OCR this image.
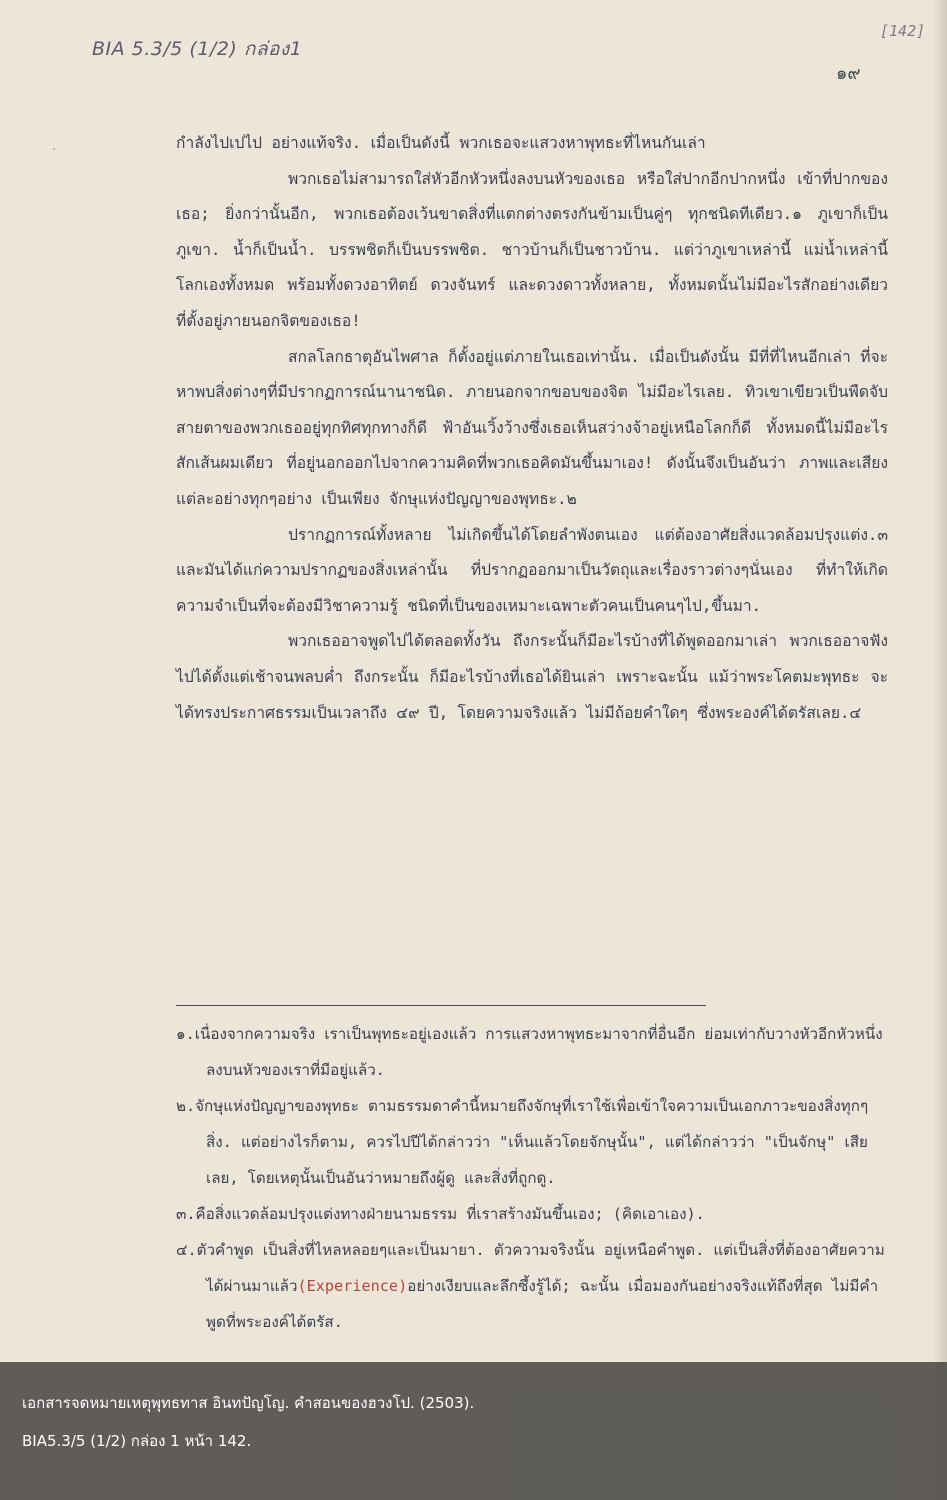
BIA 5.3/5 (1/2) กล่อง1
[142]
๑๙
·	กำลังไปเปไป อย่างแท้จริง. เมื่อเป็นดังนี้ พวกเธอจะแสวงหาพุทธะที่ไหนกันเล่า

พวกเธอไม่สามารถใส่หัวอีกหัวหนึ่งลงบนหัวของเธอ หรือใส่ปากอีกปากหนึ่ง เข้าที่ปากของเธอ; ยิ่งกว่านั้นอีก, พวกเธอต้องเว้นขาดสิ่งที่แตกต่างตรงกันข้ามเป็นคู่ๆ ทุกชนิดทีเดียว.๑ ภูเขาก็เป็นภูเขา. น้ำก็เป็นน้ำ. บรรพชิตก็เป็นบรรพชิต. ชาวบ้านก็เป็นชาวบ้าน. แต่ว่าภูเขาเหล่านี้ แม่น้ำเหล่านี้ โลกเองทั้งหมด พร้อมทั้งดวงอาทิตย์ ดวงจันทร์ และดวงดาวทั้งหลาย, ทั้งหมดนั้นไม่มีอะไรสักอย่างเดียว ที่ตั้งอยู่ภายนอกจิตของเธอ!

สกลโลกธาตุอันไพศาล ก็ตั้งอยู่แต่ภายในเธอเท่านั้น. เมื่อเป็นดังนั้น มีที่ที่ไหนอีกเล่า ที่จะหาพบสิ่งต่างๆที่มีปรากฏการณ์นานาชนิด. ภายนอกจากขอบของจิต ไม่มีอะไรเลย. ทิวเขาเขียวเป็นพืดจับสายตาของพวกเธออยู่ทุกทิศทุกทางก็ดี ฟ้าอันเวิ้งว้างซึ่งเธอเห็นสว่างจ้าอยู่เหนือโลกก็ดี ทั้งหมดนี้ไม่มีอะไรสักเส้นผมเดียว ที่อยู่นอกออกไปจากความคิดที่พวกเธอคิดมันขึ้นมาเอง! ดังนั้นจึงเป็นอันว่า ภาพและเสียงแต่ละอย่างทุกๆอย่าง เป็นเพียง จักษุแห่งปัญญาของพุทธะ.๒

ปรากฏการณ์ทั้งหลาย ไม่เกิดขึ้นได้โดยลำพังตนเอง แต่ต้องอาศัยสิ่งแวดล้อมปรุงแต่ง.๓ และมันได้แก่ความปรากฏของสิ่งเหล่านั้น ที่ปรากฏออกมาเป็นวัตถุและเรื่องราวต่างๆนั่นเอง ที่ทำให้เกิดความจำเป็นที่จะต้องมีวิชาความรู้ ชนิดที่เป็นของเหมาะเฉพาะตัวคนเป็นคนๆไป,ขึ้นมา.

พวกเธออาจพูดไปได้ตลอดทั้งวัน ถึงกระนั้นก็มีอะไรบ้างที่ได้พูดออกมาเล่า พวกเธออาจฟังไปได้ตั้งแต่เช้าจนพลบค่ำ ถึงกระนั้น ก็มีอะไรบ้างที่เธอได้ยินเล่า เพราะฉะนั้น แม้ว่าพระโคตมะพุทธะ จะได้ทรงประกาศธรรมเป็นเวลาถึง ๔๙ ปี, โดยความจริงแล้ว ไม่มีถ้อยคำใดๆ ซึ่งพระองค์ได้ตรัสเลย.๔

๑.เนื่องจากความจริง เราเป็นพุทธะอยู่เองแล้ว การแสวงหาพุทธะมาจากที่อื่นอีก ย่อมเท่ากับวางหัวอีกหัวหนึ่ง ลงบนหัวของเราที่มีอยู่แล้ว.

๒.จักษุแห่งปัญญาของพุทธะ ตามธรรมดาคำนี้หมายถึงจักษุที่เราใช้เพื่อเข้าใจความเป็นเอกภาวะของสิ่งทุกๆสิ่ง. แต่อย่างไรก็ตาม, ควรไปปีได้กล่าวว่า "เห็นแล้วโดยจักษุนั้น", แต่ได้กล่าวว่า "เป็นจักษุ" เสียเลย, โดยเหตุนั้นเป็นอันว่าหมายถึงผู้ดู และสิ่งที่ถูกดู.

๓.คือสิ่งแวดล้อมปรุงแต่งทางฝ่ายนามธรรม ที่เราสร้างมันขึ้นเอง; (คิดเอาเอง).

๔.ตัวคำพูด เป็นสิ่งที่ไหลหลอยๆและเป็นมายา. ตัวความจริงนั้น อยู่เหนือคำพูด. แต่เป็นสิ่งที่ต้องอาศัยความได้ผ่านมาแล้ว(Experience)อย่างเงียบและลึกซึ้งรู้ได้; ฉะนั้น เมื่อมองกันอย่างจริงแท้ถึงที่สุด ไม่มีคำพูดที่พระองค์ได้ตรัส.

เอกสารจดหมายเหตุพุทธทาส อินทปัญโญ. คำสอนของฮวงโป. (2503).
BIA5.3/5 (1/2) กล่อง 1 หน้า 142.
